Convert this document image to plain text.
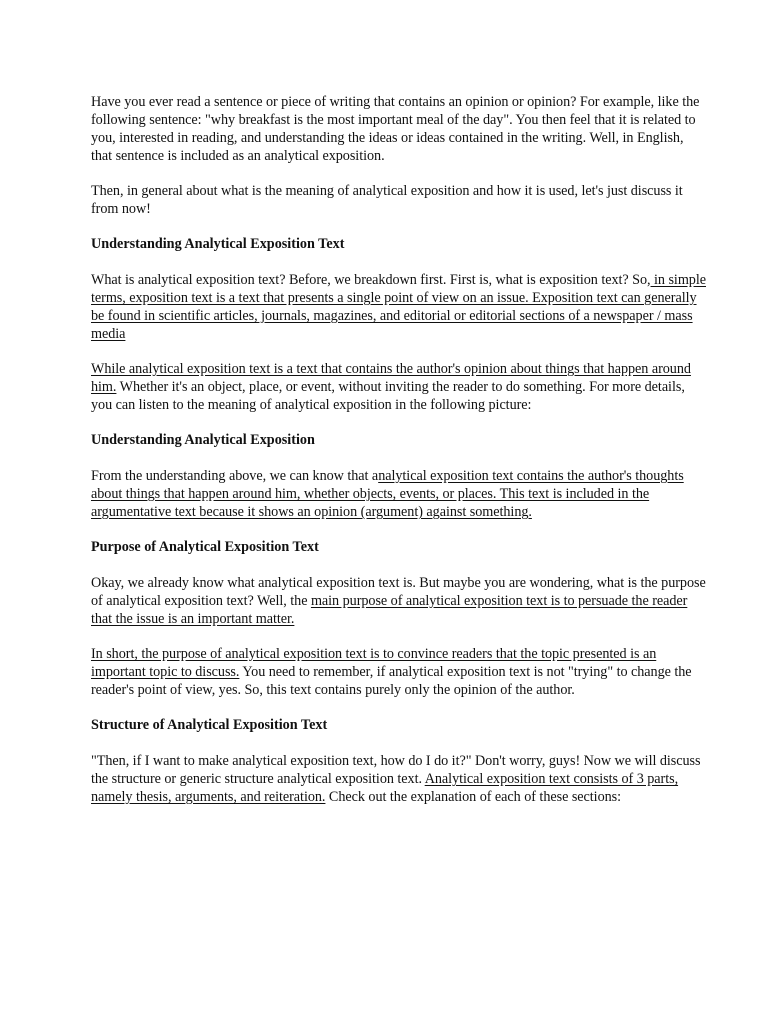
Have you ever read a sentence or piece of writing that contains an opinion or opinion? For example, like the following sentence: "why breakfast is the most important meal of the day". You then feel that it is related to you, interested in reading, and understanding the ideas or ideas contained in the writing. Well, in English, that sentence is included as an analytical exposition.

Then, in general about what is the meaning of analytical exposition and how it is used, let's just discuss it from now!

Understanding Analytical Exposition Text

What is analytical exposition text? Before, we breakdown first. First is, what is exposition text? So, in simple terms, exposition text is a text that presents a single point of view on an issue. Exposition text can generally be found in scientific articles, journals, magazines, and editorial or editorial sections of a newspaper / mass media

While analytical exposition text is a text that contains the author's opinion about things that happen around him. Whether it's an object, place, or event, without inviting the reader to do something. For more details, you can listen to the meaning of analytical exposition in the following picture:

Understanding Analytical Exposition

From the understanding above, we can know that analytical exposition text contains the author's thoughts about things that happen around him, whether objects, events, or places. This text is included in the argumentative text because it shows an opinion (argument) against something.

Purpose of Analytical Exposition Text

Okay, we already know what analytical exposition text is. But maybe you are wondering, what is the purpose of analytical exposition text? Well, the main purpose of analytical exposition text is to persuade the reader that the issue is an important matter.

In short, the purpose of analytical exposition text is to convince readers that the topic presented is an important topic to discuss. You need to remember, if analytical exposition text is not "trying" to change the reader's point of view, yes. So, this text contains purely only the opinion of the author.

Structure of Analytical Exposition Text

"Then, if I want to make analytical exposition text, how do I do it?" Don't worry, guys! Now we will discuss the structure or generic structure analytical exposition text. Analytical exposition text consists of 3 parts, namely thesis, arguments, and reiteration. Check out the explanation of each of these sections:
